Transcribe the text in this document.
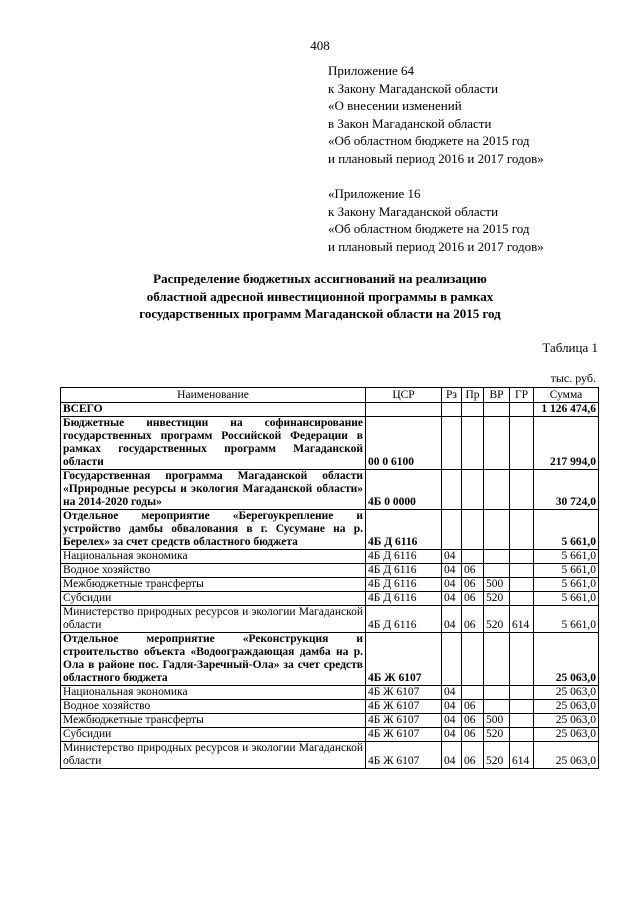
408
Приложение 64
к Закону Магаданской области
«О внесении изменений
в Закон Магаданской области
«Об областном бюджете на 2015 год
и плановый период 2016 и 2017 годов»
«Приложение 16
к Закону Магаданской области
«Об областном бюджете на 2015 год
и плановый период 2016 и 2017 годов»
Распределение бюджетных ассигнований на реализацию
областной адресной инвестиционной программы в рамках
государственных программ Магаданской области на 2015 год
Таблица 1
тыс. руб.
Наименование	ЦСР	Рз	Пр	ВР	ГР	Сумма
ВСЕГО						1 126 474,6
Бюджетные инвестиции на софинансирование государственных программ Российской Федерации в рамках государственных программ Магаданской области	00 0 6100					217 994,0
Государственная программа Магаданской области «Природные ресурсы и экология Магаданской области» на 2014-2020 годы»	4Б 0 0000					30 724,0
Отдельное мероприятие «Берегоукрепление и устройство дамбы обвалования в г. Сусумане на р. Берелех» за счет средств областного бюджета	4Б Д 6116					5 661,0
Национальная экономика	4Б Д 6116	04				5 661,0
Водное хозяйство	4Б Д 6116	04	06			5 661,0
Межбюджетные трансферты	4Б Д 6116	04	06	500		5 661,0
Субсидии	4Б Д 6116	04	06	520		5 661,0
Министерство природных ресурсов и экологии Магаданской области	4Б Д 6116	04	06	520	614	5 661,0
Отдельное мероприятие «Реконструкция и строительство объекта «Водоограждающая дамба на р. Ола в районе пос. Гадля-Заречный-Ола» за счет средств областного бюджета	4Б Ж 6107					25 063,0
Национальная экономика	4Б Ж 6107	04				25 063,0
Водное хозяйство	4Б Ж 6107	04	06			25 063,0
Межбюджетные трансферты	4Б Ж 6107	04	06	500		25 063,0
Субсидии	4Б Ж 6107	04	06	520		25 063,0
Министерство природных ресурсов и экологии Магаданской области	4Б Ж 6107	04	06	520	614	25 063,0
